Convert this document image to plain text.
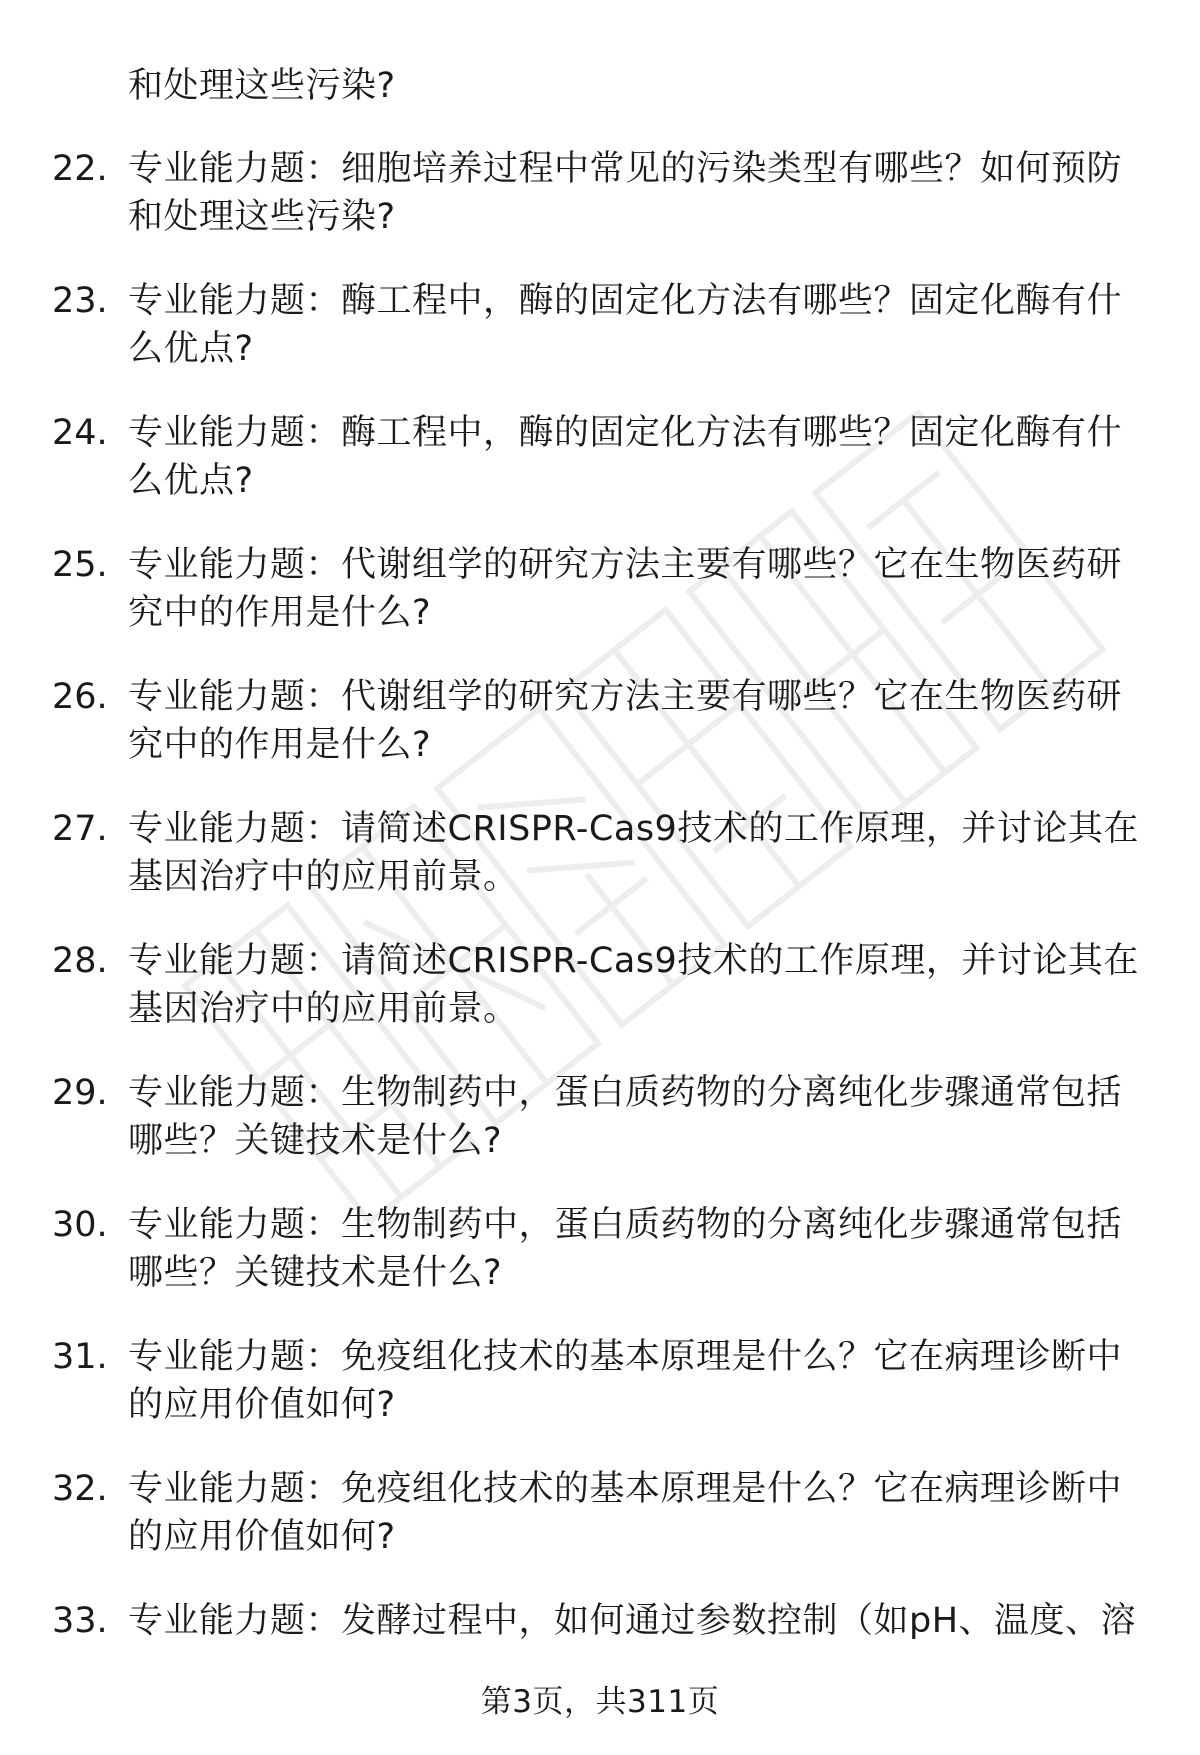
和处理这些污染?
22. 专业能力题：细胞培养过程中常见的污染类型有哪些？如何预防
和处理这些污染?
23. 专业能力题：酶工程中，酶的固定化方法有哪些？固定化酶有什
么优点?
24. 专业能力题：酶工程中，酶的固定化方法有哪些？固定化酶有什
么优点?
25. 专业能力题：代谢组学的研究方法主要有哪些？它在生物医药研
究中的作用是什么?
26. 专业能力题：代谢组学的研究方法主要有哪些？它在生物医药研
究中的作用是什么?
27. 专业能力题：请简述CRISPR-Cas9技术的工作原理，并讨论其在
基因治疗中的应用前景。
28. 专业能力题：请简述CRISPR-Cas9技术的工作原理，并讨论其在
基因治疗中的应用前景。
29. 专业能力题：生物制药中，蛋白质药物的分离纯化步骤通常包括
哪些？关键技术是什么?
30. 专业能力题：生物制药中，蛋白质药物的分离纯化步骤通常包括
哪些？关键技术是什么?
31. 专业能力题：免疫组化技术的基本原理是什么？它在病理诊断中
的应用价值如何?
32. 专业能力题：免疫组化技术的基本原理是什么？它在病理诊断中
的应用价值如何?
33. 专业能力题：发酵过程中，如何通过参数控制（如pH、温度、溶
第3页，共311页
